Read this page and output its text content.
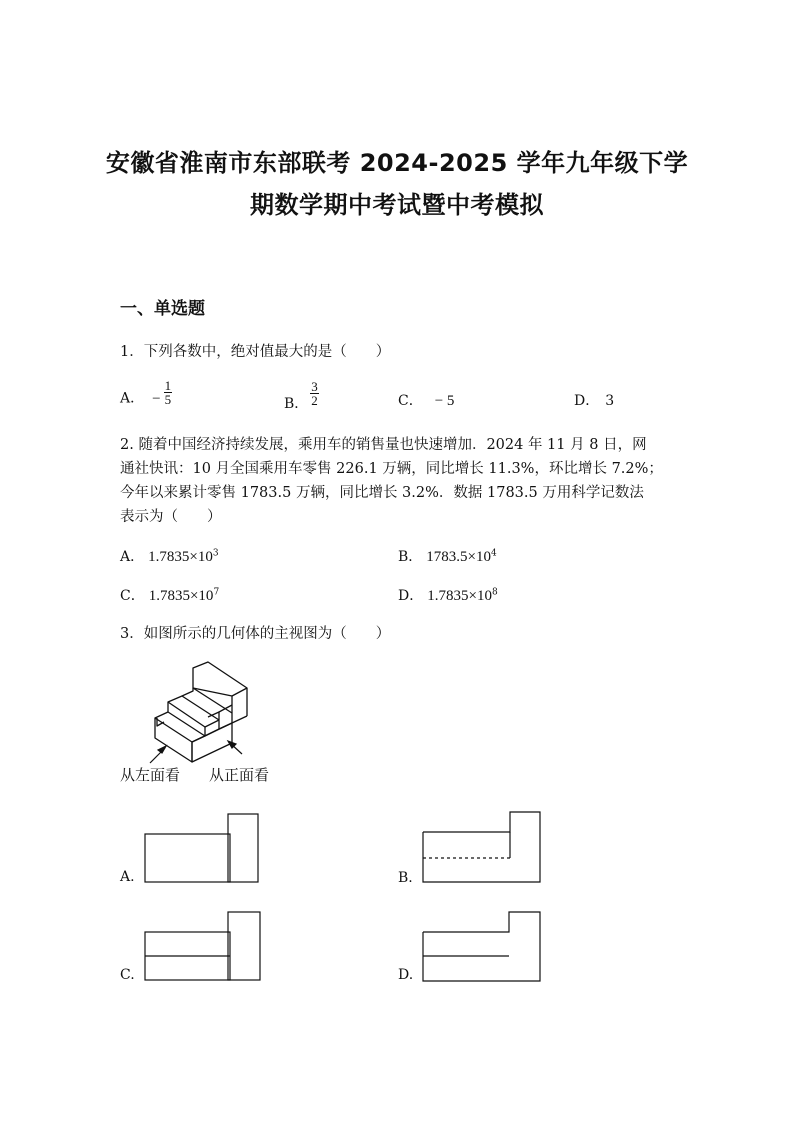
安徽省淮南市东部联考 2024-2025 学年九年级下学
期数学期中考试暨中考模拟
一、单选题
1．下列各数中，绝对值最大的是（　　）
A． − $\frac{1}{5}$	B． $\frac{3}{2}$	C． − 5	D． 3
2. 随着中国经济持续发展，乘用车的销售量也快速增加．2024 年 11 月 8 日，网
通社快讯：10 月全国乘用车零售 226.1 万辆，同比增长 11.3%，环比增长 7.2%；
今年以来累计零售 1783.5 万辆，同比增长 3.2%．数据 1783.5 万用科学记数法
表示为（　　）
A． $1.7835\times 10^3$	B． $1783.5\times 10^4$
C． $1.7835\times 10^7$	D． $1.7835\times 10^8$
3．如图所示的几何体的主视图为（　　）
从左面看 从正面看
A.	B.
C.	D.
